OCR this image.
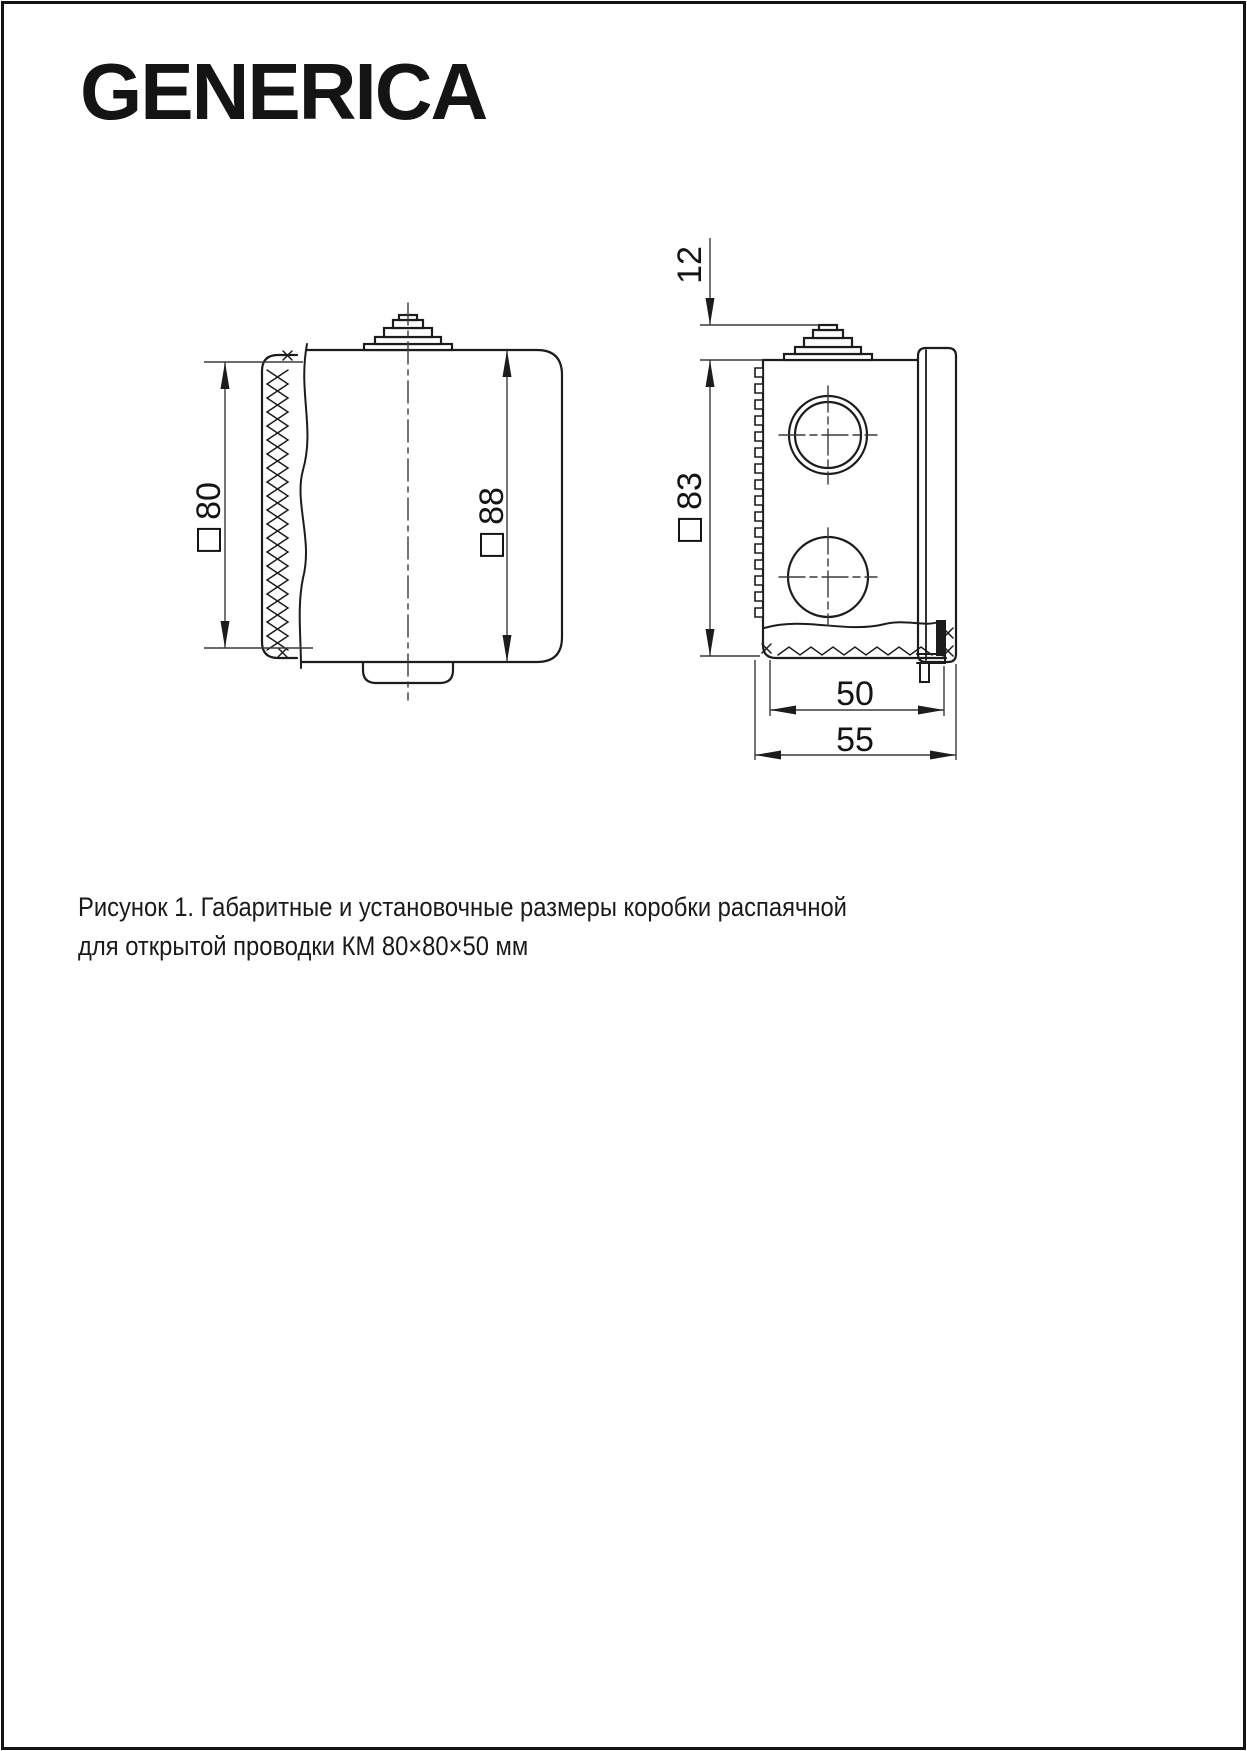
GENERICA
80	88
12
83
50
55
Рисунок 1. Габаритные и установочные размеры коробки распаячной
для открытой проводки КМ 80×80×50 мм
